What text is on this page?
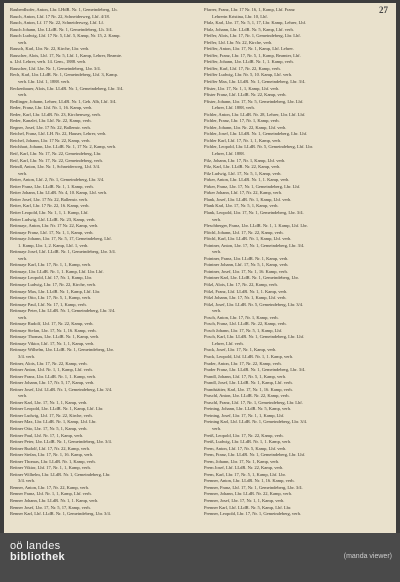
27
Rauberdhofer, Anton, Lbr. LHdR. Nr. 1, Gemeindeberg, Lh.
Rauch, Anton, Lhf. 17 Nr. 22, Schneiderweg, Lhf. 4/18.
Rauch, Anton, Lf. 17 Nr. 22, Schneiderweg, Lhf. Lf.
Rauch Johann, Lbr. LLdR. Nr. 1, Gemeindeberg, Lh. 3/4.
Rauch Ludwig, Lhf. 17 Nr. 5, Lhf. 5, Kamp, Nr. 15, 2. Kamp.
verh.
Rausch, Karl, Lbr. Nr. 22, Kirche, Lbr. verh.
Rauscher, Alois, Lhf. 17, Nr. 5, Lhf. 1, Kamp, Lehrer, Beamte.
u. Lhf. Lehrer, verh. 14. Gem., 1888. verh.
Rauscher, Lhf. Lbr. Nr. 1, Gemeindeberg, Lbr. 3/4.
Rech, Karl, Lbr. LLdR. Nr. 1, Gemeindeberg, Lhf. 3, Kamp.
verh. Lbr. Lhf. 1, 1888. verh.
Reckenbauer, Alois, Lbr. LLdR. Nr. 1, Gemeindeberg, Lbr. 3/4.
verh.
Redlinger, Johann, Lehrer, LLdR. Nr. 1, Geb. Alb, Lhf. 3/4.
Reder, Franz, Lbr. Lhf. Nr. 1, 16. Kamp, verh.
Reder, Karl, Lbr. LLdR. Nr. 23, Kirchenweg, verh.
Reder, Kanzlei, Lbr. Lhf. Nr. 22, Kamp, verh.
Regner, Josef, Lbr. 17 Nr. 22, Ballenstr. verh.
Reichel, Franz, Lhf. LH. Nr. 22, Hauser, Lehrer, verh.
Reichel, Johann, Lbr. 17 Nr. 22, Kamp, verh.
Reichhart, Johann, Lbr. LLdR. Nr. 1, 17 Nr. 2, Kamp, verh.
Reif, Karl, Lbr. Nr. 17, Nr. 22, Gemeindeberg, Lbr.
Reif, Karl, Lbr. Nr. 17, Nr. 22, Gemeindeberg, verh.
Reindl, Anton, Lbr. Nr. 1, Schneiderweg, Lhf. 3/4.
verh.
Reiter, Anton, Lhf. 2, Nr. 1, Gemeindeberg, Lbr. 3/4.
Reiter Franz, Lbr. LLdR. Nr. 1, 1. Kamp, verh.
Reiter Johann, Lbr. LLdR. Nr. 4, 10. Kamp, Lhf. verh.
Reiter Josef, Lbr. 17 Nr. 22, Ballenstr. verh.
Reiter, Karl, Lbr. 17 Nr. 22, 16. Kamp, verh.
Reiter Leopold, Lbr. Nr. 1, 1, 1. Kamp, Lhf.
Reiter Ludwig, Lhf. LLdR. Nr. 23, Kamp, verh.
Reitmayr, Anton, Lbr. Nr. 17 Nr. 22, Kamp, verh.
Reitmayr Franz, Lhf. 17, Nr. 1, 1, Kamp, verh.
Reitmayr Johann, Lbr. 17, Nr. 5, 17, Gemeindeberg, Lhf.
1. Kamp, Lbr. 1, 2. Kamp, Lhf. 1, verh.
Reitmayr Josef, Lhf. LLdR. Nr. 1, Gemeindeberg, Lbr. 3/4.
verh.
Reitmayr Karl, Lbr. 17, Nr. 1, 1, Kamp, verh.
Reitmayr, Lbr. LLdR. Nr. 1, 1. Kamp, Lhf. Lbr. Lhf.
Reitmayr Leopold, Lhf. 17, Nr. 1, Kamp, Lbr.
Reitmayr Ludwig, Lbr. 17, Nr. 22, Kirche, verh.
Reitmayr Max, Lbr. LLdR. Nr. 1, Kamp, Lhf. Lbr.
Reitmayr Otto, Lbr. 17, Nr. 5, 1, Kamp, verh.
Reitmayr Paul, Lhf. Nr. 17, 1, Kamp, verh.
Reitmayr Peter, Lbr. LLdR. Nr. 1, Gemeindeberg, Lbr. 3/4.
verh.
Reitmayr Rudolf, Lhf. 17, Nr. 22, Kamp, verh.
Reitmayr Stefan, Lbr. 17, Nr. 1, 16. Kamp, verh.
Reitmayr Thomas, Lbr. LLdR. Nr. 1, Kamp, verh.
Reitmayr Viktor, Lhf. 17, Nr. 1, 1, Kamp, verh.
Reitmayr Wilhelm, Lbr. LLdR. Nr. 1, Gemeindeberg, Lbr.
3/4. verh.
Reitner, Alois, Lbr. 17, Nr. 22, Kamp, verh.
Reitner Anton, Lhf. Nr. 1, 1, Kamp, Lhf. verh.
Reitner Franz, Lbr. LLdR. Nr. 1, 1. Kamp, verh.
Reitner Johann, Lbr. 17, Nr. 5, 17, Kamp, verh.
Reitner Josef, Lhf. LLdR. Nr. 1, Gemeindeberg, Lbr. 3/4.
verh.
Reitner Karl, Lbr. 17, Nr. 1, 1, Kamp, verh.
Reitner Leopold, Lbr. LLdR. Nr. 1, Kamp, Lhf. Lbr.
Reitner Ludwig, Lhf. 17, Nr. 22, Kirche, verh.
Reitner Max, Lbr. LLdR. Nr. 1, Kamp, Lhf. Lbr.
Reitner Otto, Lbr. 17, Nr. 5, 1, Kamp, verh.
Reitner Paul, Lhf. Nr. 17, 1, Kamp, verh.
Reitner Peter, Lbr. LLdR. Nr. 1, Gemeindeberg, Lbr. 3/4.
Reitner Rudolf, Lhf. 17, Nr. 22, Kamp, verh.
Reitner Stefan, Lbr. 17, Nr. 1, 16. Kamp, verh.
Reitner Thomas, Lbr. LLdR. Nr. 1, Kamp, verh.
Reitner Viktor, Lhf. 17, Nr. 1, 1, Kamp, verh.
Reitner Wilhelm, Lbr. LLdR. Nr. 1, Gemeindeberg, Lbr.
3/4. verh.
Renner, Anton, Lbr. 17, Nr. 22, Kamp, verh.
Renner Franz, Lhf. Nr. 1, 1, Kamp, Lhf. verh.
Renner Johann, Lbr. LLdR. Nr. 1, 1. Kamp, verh.
Renner Josef, Lbr. 17, Nr. 5, 17, Kamp, verh.
Renner Karl, Lhf. LLdR. Nr. 1, Gemeindeberg, Lbr. 3/4.
Pfarrer, Franz, Lbr. 17 Nr. 16, 1, Kamp, Lhf. Franz
Lehrerin Kristina, Lbr. 10, Lhf.
Pfalz, Karl, Lbr. 17, Nr. 5, 1, 17, Lbr. Kamp, Lehrer, Lhf.
Pfalz, Johann, Lbr. LLdR. Nr. 5, Kamp, Lhf. verh.
Pfeffer, Alois, Lbr. 17, Nr. 1, Gemeindeberg, Lbr. Lhf.
Pfeffer, Lhf. Lbr. Nr. 22, Kirche, verh.
Pfeiffer, Anton, Lbr. 17, Nr. 1, Kamp, Lhf. Lehrer.
Pfeiffer, Franz, Lbr. 17, Nr. 5, 1, Kamp, Beamter, Lhf.
Pfeiffer, Johann, Lbr. LLdR. Nr. 1, 1. Kamp, verh.
Pfeiffer, Karl, Lhf. 17, Nr. 22, Kamp, verh.
Pfeiffer Ludwig, Lbr. Nr. 5, 10. Kamp, Lhf. verh.
Pfeiffer Max, Lbr. LLdR. Nr. 1, Gemeindeberg, Lbr. 3/4.
Pfister, Lbr. 17, Nr. 1, 1, Kamp, Lhf. verh.
Pfister Franz, Lhf. LLdR. Nr. 22, Kamp, verh.
Pfister, Johann, Lbr. 17, Nr. 5, Gemeindeberg, Lbr. Lhf.
Lehrer, Lhf. 1888, verh.
Pichler, Anton, Lbr. LLdR. Nr. 28, Lehrer, Lbr. Lhf. Lhf.
Pichler, Franz, Lbr. 17, Nr. 1, Kamp, verh.
Pichler, Johann, Lbr. Nr. 22, Kamp, Lhf. verh.
Pichler, Josef, Lbr. LLdR. Nr. 1, Gemeindeberg, Lbr. Lhf.
Pichler Karl, Lhf. 17, Nr. 1, 1, Kamp, verh.
Pichler, Leopold, Lbr. LLdR. Nr. 5, Gemeindeberg, Lhf. Lbr.
Lehrer, Lhf. 1888.
Pilz, Johann, Lbr. 17, Nr. 1, Kamp, Lhf. verh.
Pilz, Karl, Lbr. LLdR. Nr. 22, Kamp, verh.
Pilz Ludwig, Lhf. 17, Nr. 5, 1, Kamp, verh.
Pirker, Anton, Lbr. LLdR. Nr. 1, 1. Kamp, verh.
Pirker, Franz, Lbr. 17, Nr. 1, Gemeindeberg, Lbr. Lhf.
Pirker Johann, Lhf. 17, Nr. 22, Kamp, verh.
Plank, Josef, Lbr. LLdR. Nr. 1, Kamp, Lhf. verh.
Plank Karl, Lbr. 17, Nr. 5, 1, Kamp, verh.
Plank, Leopold, Lbr. 17, Nr. 1, Gemeindeberg, Lbr. 3/4.
verh.
Pleschberger, Franz, Lbr. LLdR. Nr. 1, 1. Kamp, Lhf. Lbr.
Plöchl, Johann, Lhf. 17, Nr. 22, Kamp, verh.
Plöchl, Karl, Lbr. LLdR. Nr. 1, Kamp, Lhf. verh.
Pointner, Anton, Lbr. 17, Nr. 1, Gemeindeberg, Lbr. 3/4.
verh.
Pointner, Franz, Lbr. LLdR. Nr. 1, Kamp, verh.
Pointner Johann, Lhf. 17, Nr. 5, 1, Kamp, verh.
Pointner, Josef, Lbr. 17, Nr. 1, 16. Kamp, verh.
Pointner Karl, Lbr. LLdR. Nr. 1, Gemeindeberg, Lbr.
Pölzl, Alois, Lbr. 17, Nr. 22, Kamp, verh.
Pölzl, Franz, Lhf. LLdR. Nr. 1, 1. Kamp, verh.
Pölzl Johann, Lbr. 17, Nr. 1, Kamp, Lhf. verh.
Pölzl, Josef, Lbr. LLdR. Nr. 5, Gemeindeberg, Lbr. 3/4.
verh.
Posch, Anton, Lbr. 17, Nr. 1, Kamp, verh.
Posch, Franz, Lhf. LLdR. Nr. 22, Kamp, verh.
Posch Johann, Lbr. 17, Nr. 5, 1, Kamp, Lhf.
Posch, Karl, Lbr. LLdR. Nr. 1, Gemeindeberg, Lbr. Lhf.
Lehrer, Lhf. verh.
Prack, Josef, Lbr. 17, Nr. 1, Kamp, verh.
Prack, Leopold, Lhf. LLdR. Nr. 1, 1. Kamp, verh.
Prader, Anton, Lbr. 17, Nr. 22, Kamp, verh.
Prader Franz, Lbr. LLdR. Nr. 1, Gemeindeberg, Lbr. 3/4.
Prandl, Johann, Lhf. 17, Nr. 5, 1, Kamp, verh.
Prandl, Josef, Lbr. LLdR. Nr. 1, Kamp, Lhf. verh.
Prandstätter, Karl, Lbr. 17, Nr. 1, 16. Kamp, verh.
Praschl, Anton, Lbr. LLdR. Nr. 22, Kamp, verh.
Praschl, Franz, Lhf. 17, Nr. 1, Gemeindeberg, Lbr. Lhf.
Preining, Johann, Lbr. LLdR. Nr. 5, Kamp, verh.
Preining, Josef, Lbr. 17, Nr. 1, 1, Kamp, Lhf.
Preining Karl, Lhf. LLdR. Nr. 1, Gemeindeberg, Lbr. 3/4.
verh.
Preiß, Leopold, Lbr. 17, Nr. 22, Kamp, verh.
Preiß, Ludwig, Lbr. LLdR. Nr. 1, 1. Kamp, verh.
Prem, Anton, Lhf. 17, Nr. 5, Kamp, Lhf. verh.
Prem, Franz, Lbr. LLdR. Nr. 1, Gemeindeberg, Lbr. Lhf.
Prem, Johann, Lbr. 17, Nr. 1, Kamp, verh.
Prem Josef, Lhf. LLdR. Nr. 22, Kamp, verh.
Prem, Karl, Lbr. 17, Nr. 5, 1, Kamp, Lhf. Lbr.
Prenner, Anton, Lbr. LLdR. Nr. 1, 16. Kamp, verh.
Prenner, Franz, Lhf. 17, Nr. 1, Gemeindeberg, Lbr. 3/4.
Prenner, Johann, Lbr. LLdR. Nr. 22, Kamp, verh.
Prenner, Josef, Lbr. 17, Nr. 1, 1, Kamp, verh.
Prenner Karl, Lhf. LLdR. Nr. 5, Kamp, Lhf. Lbr.
Prenner, Leopold, Lbr. 17, Nr. 1, Gemeindeberg, verh.
oö landes
bibliothek	(manda viewer)
